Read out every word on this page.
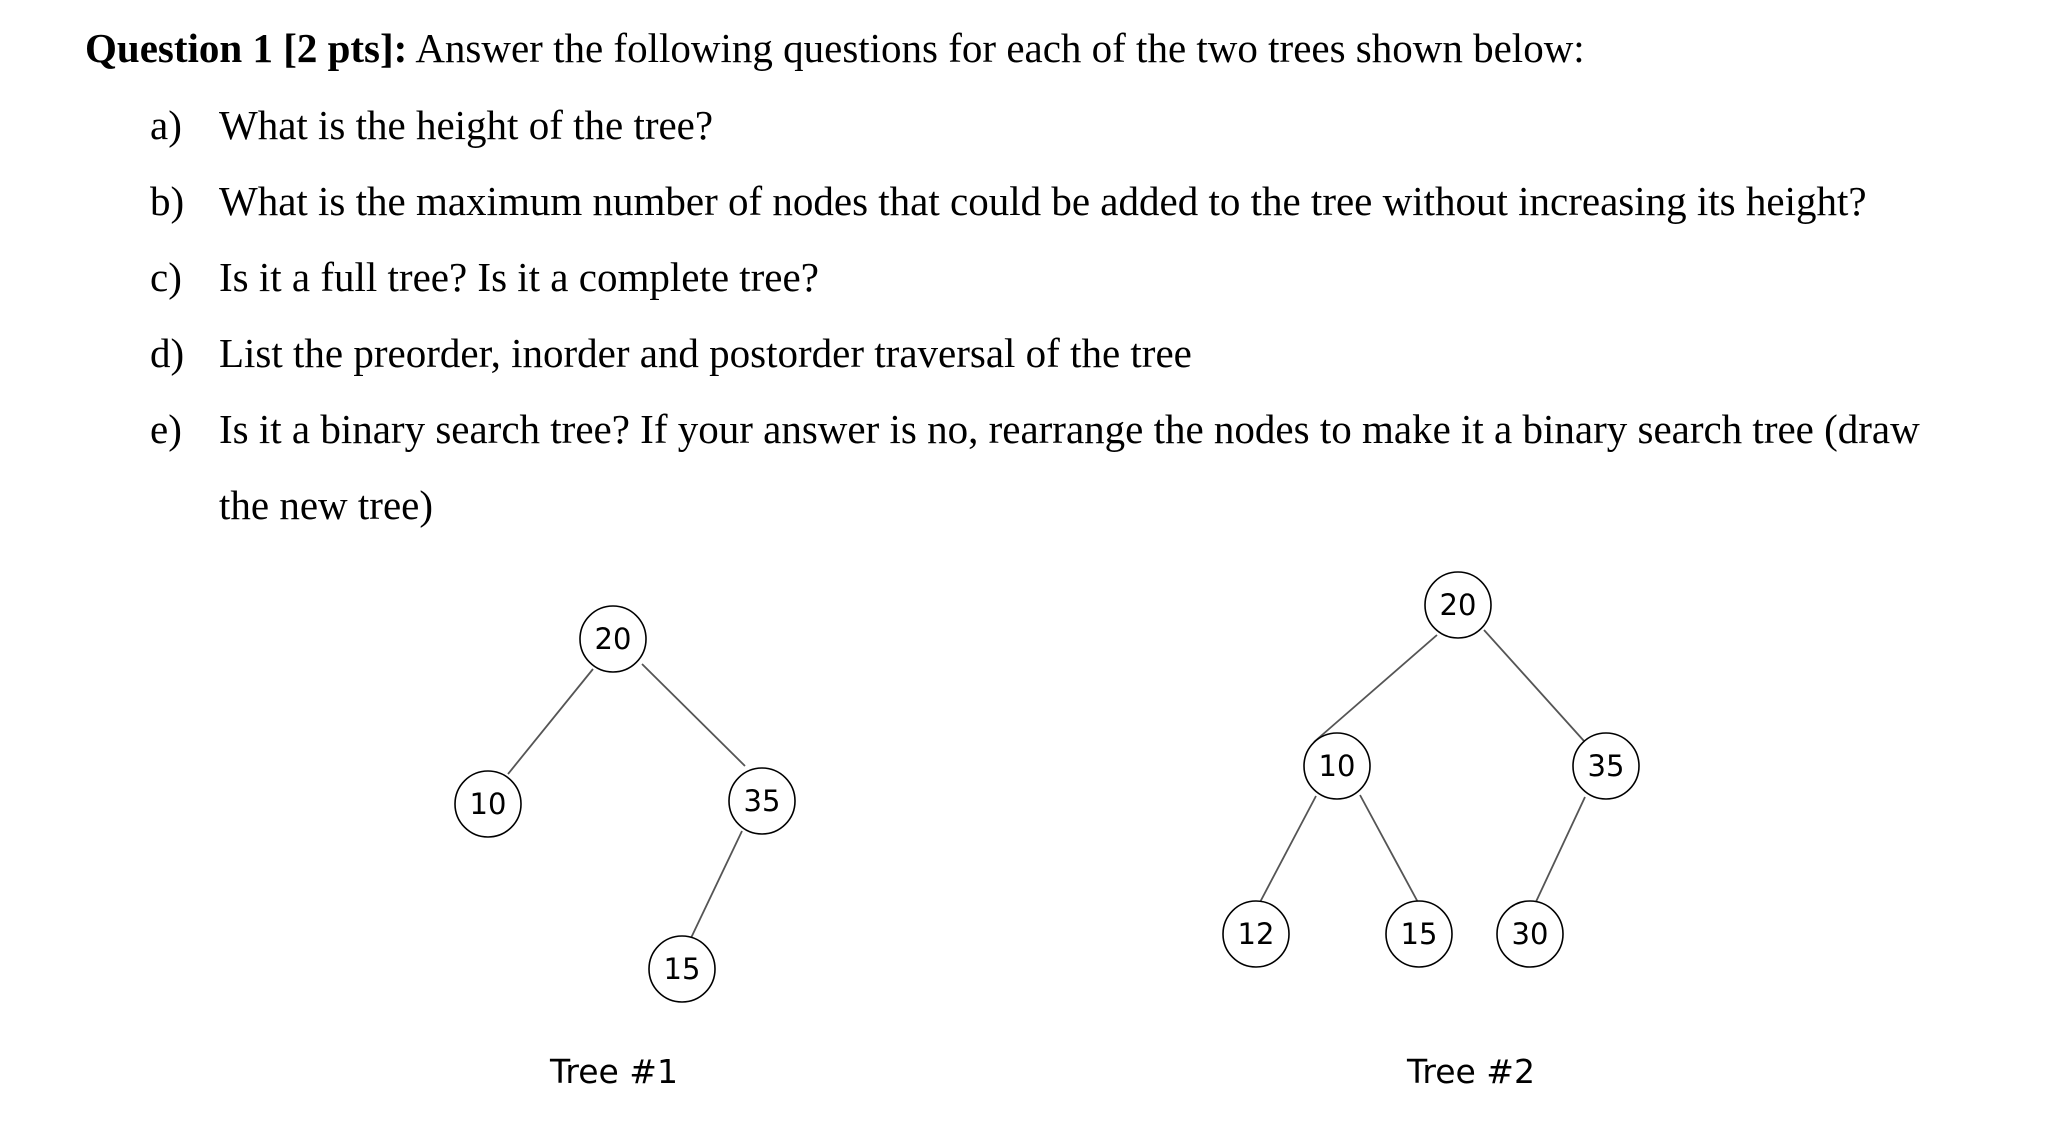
Question 1 [2 pts]: Answer the following questions for each of the two trees shown below:
a) What is the height of the tree?
b) What is the maximum number of nodes that could be added to the tree without increasing its height?
c) Is it a full tree? Is it a complete tree?
d) List the preorder, inorder and postorder traversal of the tree
e) Is it a binary search tree? If your answer is no, rearrange the nodes to make it a binary search tree (draw
the new tree)
20
10	35
15
Tree #1
20
10	35
12	15	30
Tree #2
